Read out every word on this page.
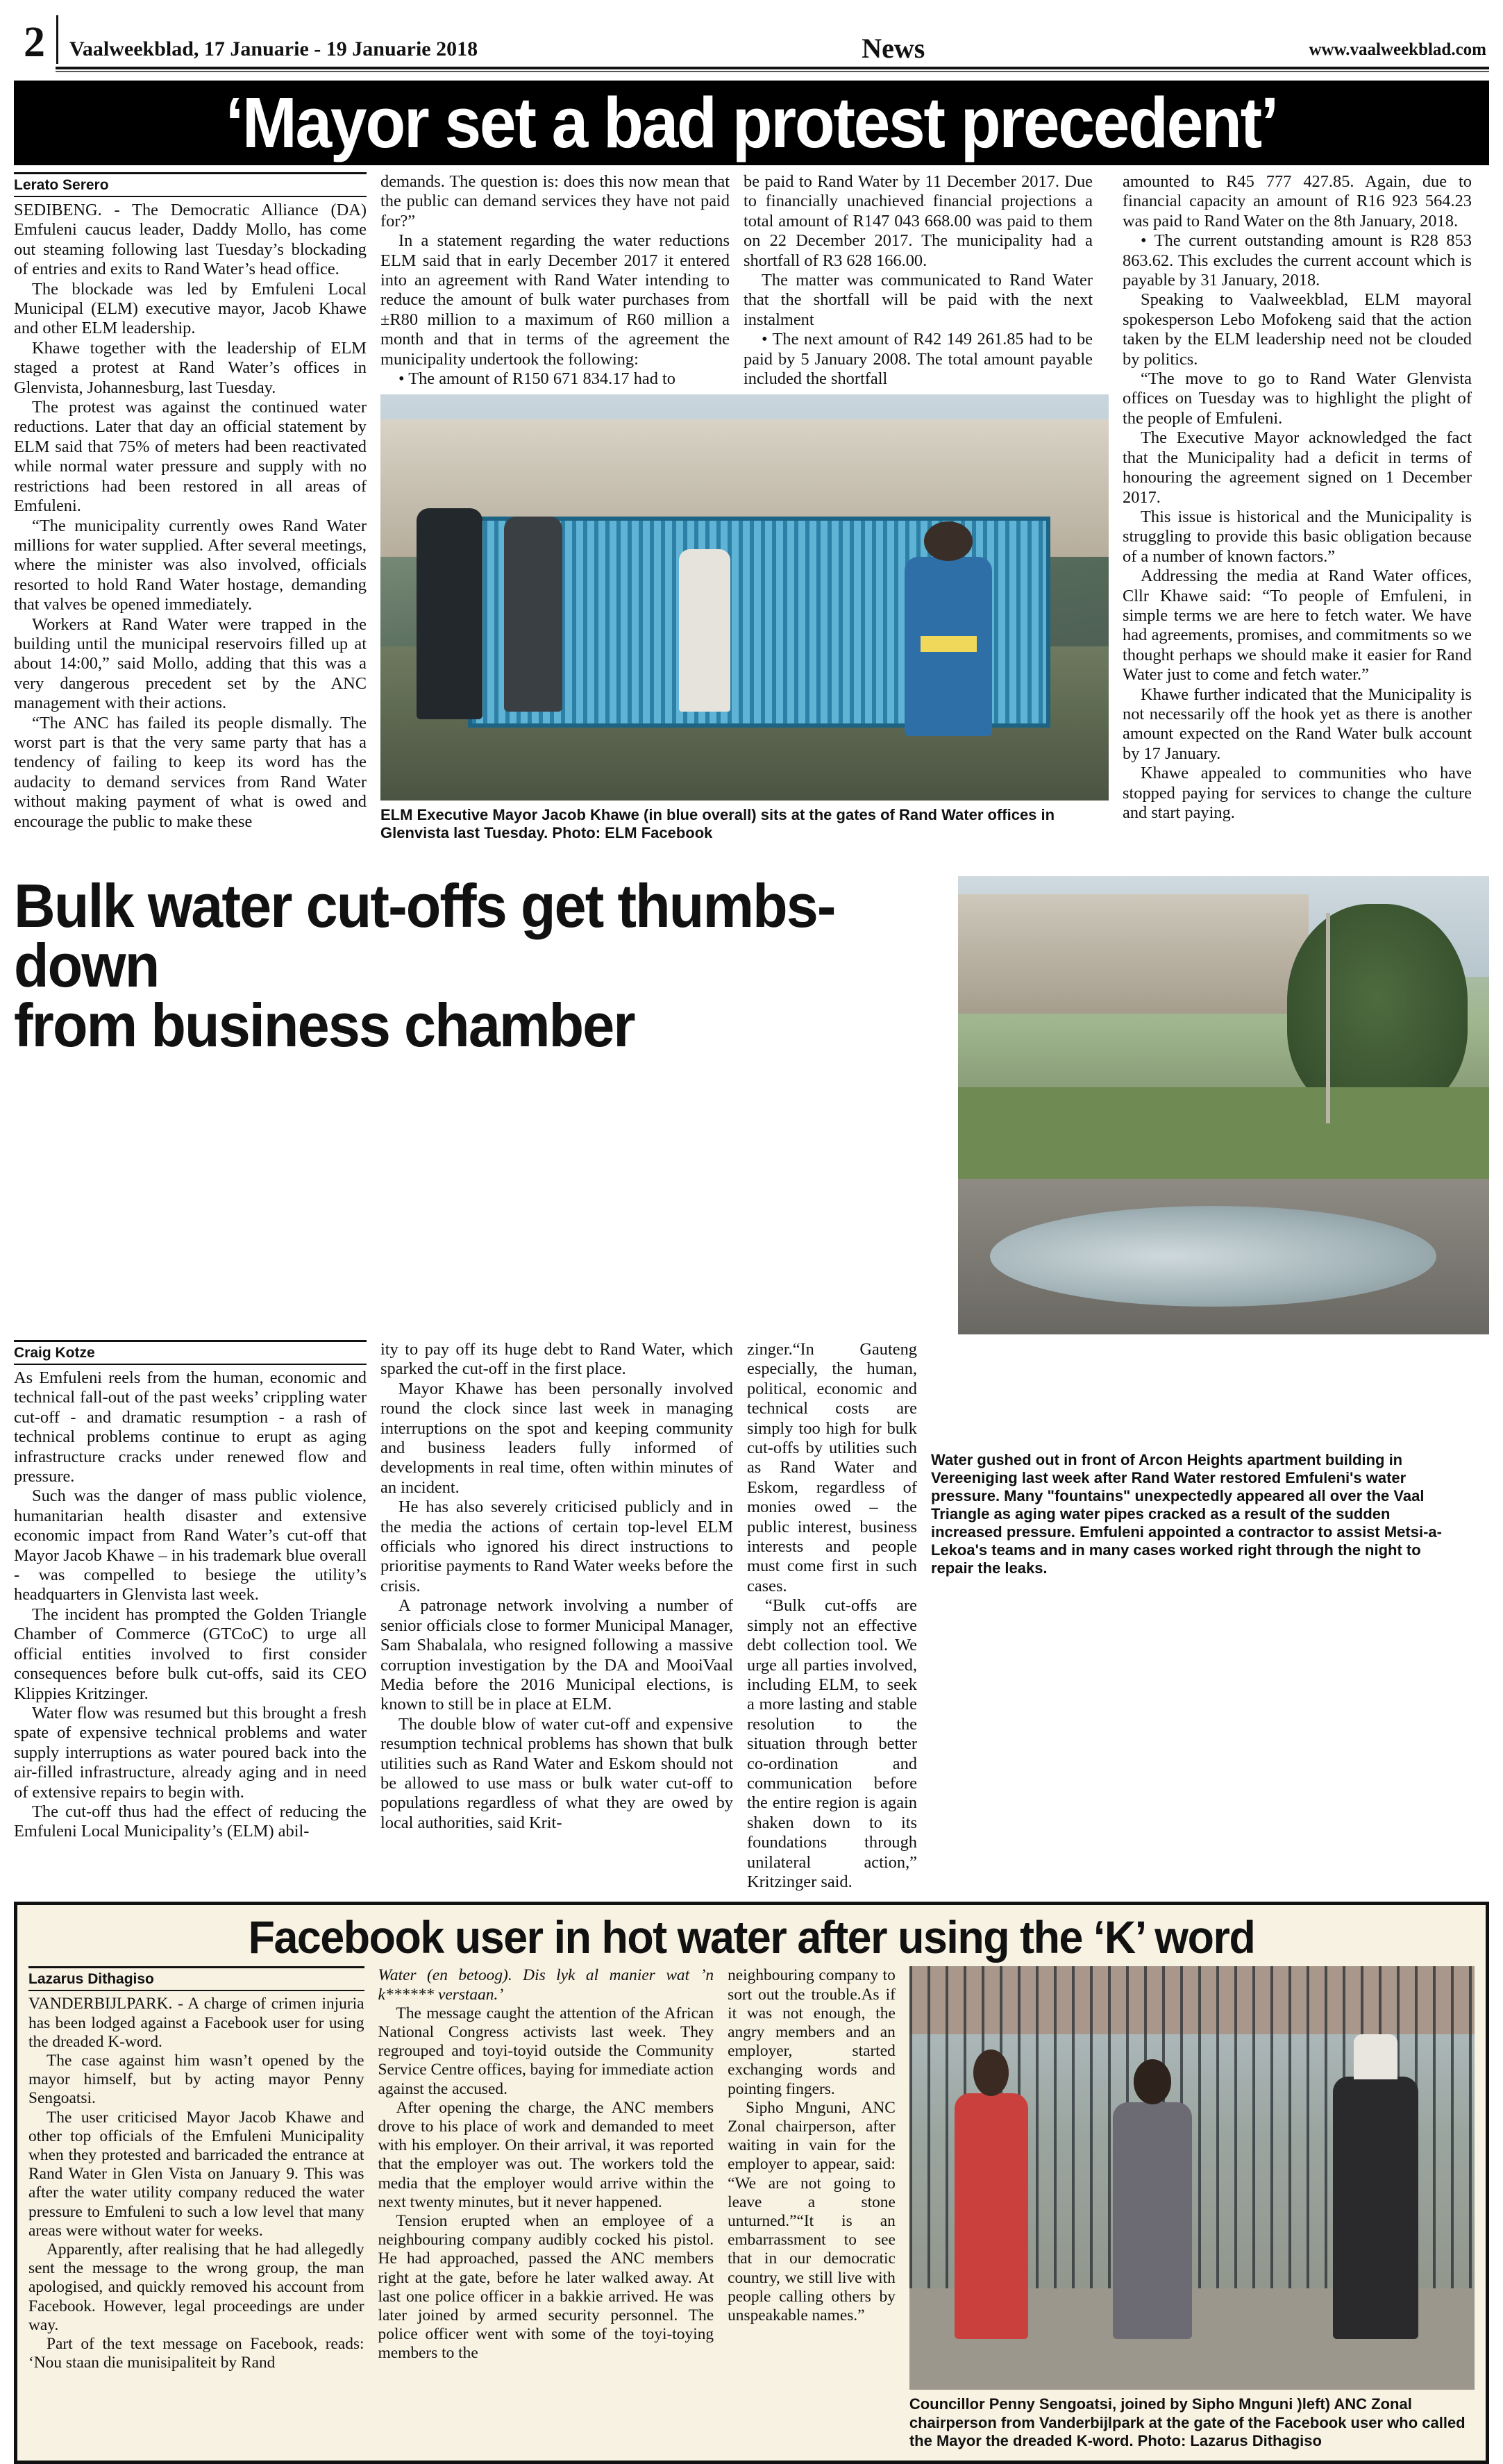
2	Vaalweekblad, 17 Januarie - 19 Januarie 2018	News	www.vaalweekblad.com
‘Mayor set a bad protest precedent’
Lerato Serero

SEDIBENG. - The Democratic Alliance (DA) Emfuleni caucus leader, Daddy Mollo, has come out steaming following last Tuesday’s blockading of entries and exits to Rand Water’s head office.

The blockade was led by Emfuleni Local Municipal (ELM) executive mayor, Jacob Khawe and other ELM leadership.

Khawe together with the leadership of ELM staged a protest at Rand Water’s offices in Glenvista, Johannesburg, last Tuesday.

The protest was against the continued water reductions. Later that day an official statement by ELM said that 75% of meters had been reactivated while normal water pressure and supply with no restrictions had been restored in all areas of Emfuleni.

“The municipality currently owes Rand Water millions for water supplied. After several meetings, where the minister was also involved, officials resorted to hold Rand Water hostage, demanding that valves be opened immediately.

Workers at Rand Water were trapped in the building until the municipal reservoirs filled up at about 14:00,” said Mollo, adding that this was a very dangerous precedent set by the ANC management with their actions.

“The ANC has failed its people dismally. The worst part is that the very same party that has a tendency of failing to keep its word has the audacity to demand services from Rand Water without making payment of what is owed and encourage the public to make these

demands. The question is: does this now mean that the public can demand services they have not paid for?”

In a statement regarding the water reductions ELM said that in early December 2017 it entered into an agreement with Rand Water intending to reduce the amount of bulk water purchases from ±R80 million to a maximum of R60 million a month and that in terms of the agreement the municipality undertook the following:

• The amount of R150 671 834.17 had to

be paid to Rand Water by 11 December 2017. Due to financially unachieved financial projections a total amount of R147 043 668.00 was paid to them on 22 December 2017. The municipality had a shortfall of R3 628 166.00.

The matter was communicated to Rand Water that the shortfall will be paid with the next instalment

• The next amount of R42 149 261.85 had to be paid by 5 January 2008. The total amount payable included the shortfall

ELM Executive Mayor Jacob Khawe (in blue overall) sits at the gates of Rand Water offices in Glenvista last Tuesday. Photo: ELM Facebook

amounted to R45 777 427.85. Again, due to financial capacity an amount of R16 923 564.23 was paid to Rand Water on the 8th January, 2018.

• The current outstanding amount is R28 853 863.62. This excludes the current account which is payable by 31 January, 2018.

Speaking to Vaalweekblad, ELM mayoral spokesperson Lebo Mofokeng said that the action taken by the ELM leadership need not be clouded by politics.

“The move to go to Rand Water Glenvista offices on Tuesday was to highlight the plight of the people of Emfuleni.

The Executive Mayor acknowledged the fact that the Municipality had a deficit in terms of honouring the agreement signed on 1 December 2017.

This issue is historical and the Municipality is struggling to provide this basic obligation because of a number of known factors.”

Addressing the media at Rand Water offices, Cllr Khawe said: “To people of Emfuleni, in simple terms we are here to fetch water. We have had agreements, promises, and commitments so we thought perhaps we should make it easier for Rand Water just to come and fetch water.”

Khawe further indicated that the Municipality is not necessarily off the hook yet as there is another amount expected on the Rand Water bulk account by 17 January.

Khawe appealed to communities who have stopped paying for services to change the culture and start paying.

Bulk water cut-offs get thumbs-down
from business chamber
Craig Kotze

As Emfuleni reels from the human, economic and technical fall-out of the past weeks’ crippling water cut-off - and dramatic resumption - a rash of technical problems continue to erupt as aging infrastructure cracks under renewed flow and pressure.

Such was the danger of mass public violence, humanitarian health disaster and extensive economic impact from Rand Water’s cut-off that Mayor Jacob Khawe – in his trademark blue overall - was compelled to besiege the utility’s headquarters in Glenvista last week.

The incident has prompted the Golden Triangle Chamber of Commerce (GTCoC) to urge all official entities involved to first consider consequences before bulk cut-offs, said its CEO Klippies Kritzinger.

Water flow was resumed but this brought a fresh spate of expensive technical problems and water supply interruptions as water poured back into the air-filled infrastructure, already aging and in need of extensive repairs to begin with.

The cut-off thus had the effect of reducing the Emfuleni Local Municipality’s (ELM) abil-

ity to pay off its huge debt to Rand Water, which sparked the cut-off in the first place.

Mayor Khawe has been personally involved round the clock since last week in managing interruptions on the spot and keeping community and business leaders fully informed of developments in real time, often within minutes of an incident.

He has also severely criticised publicly and in the media the actions of certain top-level ELM officials who ignored his direct instructions to prioritise payments to Rand Water weeks before the crisis.

A patronage network involving a number of senior officials close to former Municipal Manager, Sam Shabalala, who resigned following a massive corruption investigation by the DA and MooiVaal Media before the 2016 Municipal elections, is known to still be in place at ELM.

The double blow of water cut-off and expensive resumption technical problems has shown that bulk utilities such as Rand Water and Eskom should not be allowed to use mass or bulk water cut-off to populations regardless of what they are owed by local authorities, said Krit-

zinger.“In Gauteng especially, the human, political, economic and technical costs are simply too high for bulk cut-offs by utilities such as Rand Water and Eskom, regardless of monies owed – the public interest, business interests and people must come first in such cases.

“Bulk cut-offs are simply not an effective debt collection tool. We urge all parties involved, including ELM, to seek a more lasting and stable resolution to the situation through better co-ordination and communication before the entire region is again shaken down to its foundations through unilateral action,” Kritzinger said.

Water gushed out in front of Arcon Heights apartment building in Vereeniging last week after Rand Water restored Emfuleni's water pressure. Many "fountains" unexpectedly appeared all over the Vaal Triangle as aging water pipes cracked as a result of the sudden increased pressure. Emfuleni appointed a contractor to assist Metsi-a-Lekoa's teams and in many cases worked right through the night to repair the leaks.
Facebook user in hot water after using the ‘K’ word
Lazarus Dithagiso

VANDERBIJLPARK. - A charge of crimen injuria has been lodged against a Facebook user for using the dreaded K-word.

The case against him wasn’t opened by the mayor himself, but by acting mayor Penny Sengoatsi.

The user criticised Mayor Jacob Khawe and other top officials of the Emfuleni Municipality when they protested and barricaded the entrance at Rand Water in Glen Vista on January 9. This was after the water utility company reduced the water pressure to Emfuleni to such a low level that many areas were without water for weeks.

Apparently, after realising that he had allegedly sent the message to the wrong group, the man apologised, and quickly removed his account from Facebook. However, legal proceedings are under way.

Part of the text message on Facebook, reads: ‘Nou staan die munisipaliteit by Rand

Water (en betoog). Dis lyk al manier wat ’n k****** verstaan.’

The message caught the attention of the African National Congress activists last week. They regrouped and toyi-toyid outside the Community Service Centre offices, baying for immediate action against the accused.

After opening the charge, the ANC members drove to his place of work and demanded to meet with his employer. On their arrival, it was reported that the employer was out. The workers told the media that the employer would arrive within the next twenty minutes, but it never happened.

Tension erupted when an employee of a neighbouring company audibly cocked his pistol. He had approached, passed the ANC members right at the gate, before he later walked away. At last one police officer in a bakkie arrived. He was later joined by armed security personnel. The police officer went with some of the toyi-toying members to the

neighbouring company to sort out the trouble.As if it was not enough, the angry members and an employer, started exchanging words and pointing fingers.

Sipho Mnguni, ANC Zonal chairperson, after waiting in vain for the employer to appear, said: “We are not going to leave a stone unturned.”“It is an embarrassment to see that in our democratic country, we still live with people calling others by unspeakable names.”

Councillor Penny Sengoatsi, joined by Sipho Mnguni )left) ANC Zonal chairperson from Vanderbijlpark at the gate of the Facebook user who called the Mayor the dreaded K-word. Photo: Lazarus Dithagiso
